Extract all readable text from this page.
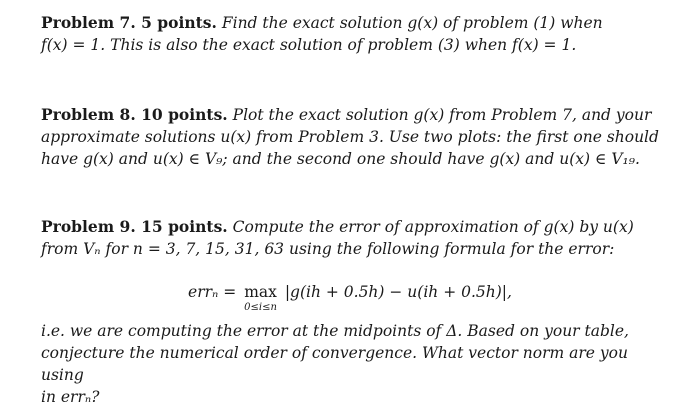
Problem 7. 5 points. Find the exact solution g(x) of problem (1) when
f(x) = 1. This is also the exact solution of problem (3) when f(x) = 1.
Problem 8. 10 points. Plot the exact solution g(x) from Problem 7, and your
approximate solutions u(x) from Problem 3. Use two plots: the first one should
have g(x) and u(x) ∈ V₉; and the second one should have g(x) and u(x) ∈ V₁₉.
Problem 9. 15 points. Compute the error of approximation of g(x) by u(x)
from Vₙ for n = 3, 7, 15, 31, 63 using the following formula for the error:
errₙ = max
0≤i≤n
|g(ih + 0.5h) − u(ih + 0.5h)|,
i.e. we are computing the error at the midpoints of Δ. Based on your table,
conjecture the numerical order of convergence. What vector norm are you using
in errₙ?
